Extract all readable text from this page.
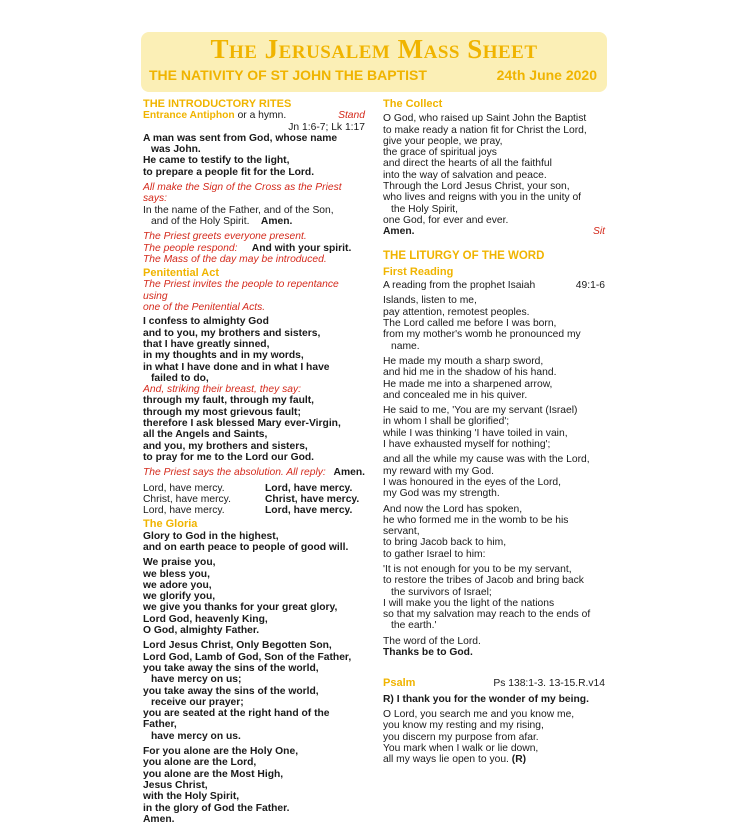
The Jerusalem Mass Sheet
THE NATIVITY OF ST JOHN THE BAPTIST	24th June 2020
THE INTRODUCTORY RITES
Entrance Antiphon or a hymn.	Stand
Jn 1:6-7; Lk 1:17
A man was sent from God, whose name
was John.
He came to testify to the light,
to prepare a people fit for the Lord.
All make the Sign of the Cross as the Priest says:
In the name of the Father, and of the Son,
and of the Holy Spirit. Amen.
The Priest greets everyone present.
The people respond: And with your spirit.
The Mass of the day may be introduced.
Penitential Act
The Priest invites the people to repentance using
one of the Penitential Acts.
I confess to almighty God
and to you, my brothers and sisters,
that I have greatly sinned,
in my thoughts and in my words,
in what I have done and in what I have
failed to do,
And, striking their breast, they say:
through my fault, through my fault,
through my most grievous fault;
therefore I ask blessed Mary ever-Virgin,
all the Angels and Saints,
and you, my brothers and sisters,
to pray for me to the Lord our God.
The Priest says the absolution. All reply: Amen.
Lord, have mercy.	Lord, have mercy.
Christ, have mercy.	Christ, have mercy.
Lord, have mercy.	Lord, have mercy.
The Gloria
Glory to God in the highest,
and on earth peace to people of good will.
We praise you,
we bless you,
we adore you,
we glorify you,
we give you thanks for your great glory,
Lord God, heavenly King,
O God, almighty Father.
Lord Jesus Christ, Only Begotten Son,
Lord God, Lamb of God, Son of the Father,
you take away the sins of the world,
have mercy on us;
you take away the sins of the world,
receive our prayer;
you are seated at the right hand of the Father,
have mercy on us.
For you alone are the Holy One,
you alone are the Lord,
you alone are the Most High,
Jesus Christ,
with the Holy Spirit,
in the glory of God the Father.
Amen.
The Collect
O God, who raised up Saint John the Baptist
to make ready a nation fit for Christ the Lord,
give your people, we pray,
the grace of spiritual joys
and direct the hearts of all the faithful
into the way of salvation and peace.
Through the Lord Jesus Christ, your son,
who lives and reigns with you in the unity of
the Holy Spirit,
one God, for ever and ever.
Amen.	Sit
THE LITURGY OF THE WORD
First Reading
A reading from the prophet Isaiah	49:1-6
Islands, listen to me,
pay attention, remotest peoples.
The Lord called me before I was born,
from my mother's womb he pronounced my
name.
He made my mouth a sharp sword,
and hid me in the shadow of his hand.
He made me into a sharpened arrow,
and concealed me in his quiver.
He said to me, 'You are my servant (Israel)
in whom I shall be glorified';
while I was thinking 'I have toiled in vain,
I have exhausted myself for nothing';
and all the while my cause was with the Lord,
my reward with my God.
I was honoured in the eyes of the Lord,
my God was my strength.
And now the Lord has spoken,
he who formed me in the womb to be his servant,
to bring Jacob back to him,
to gather Israel to him:
'It is not enough for you to be my servant,
to restore the tribes of Jacob and bring back
the survivors of Israel;
I will make you the light of the nations
so that my salvation may reach to the ends of
the earth.'
The word of the Lord.
Thanks be to God.
Psalm	Ps 138:1-3. 13-15.R.v14
R) I thank you for the wonder of my being.
O Lord, you search me and you know me,
you know my resting and my rising,
you discern my purpose from afar.
You mark when I walk or lie down,
all my ways lie open to you. (R)
